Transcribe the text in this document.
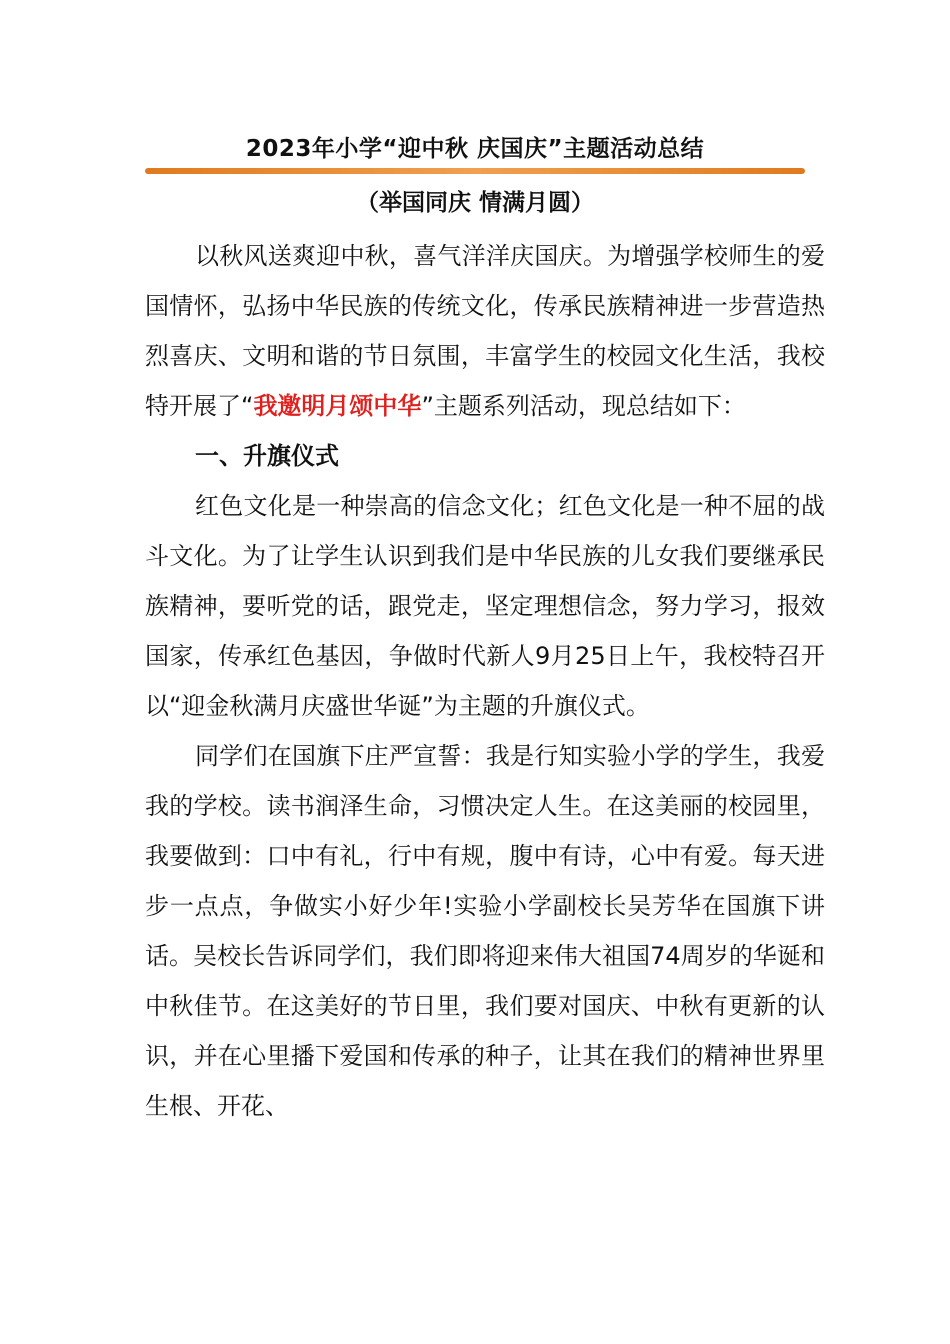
2023年小学“迎中秋 庆国庆”主题活动总结
（举国同庆 情满月圆）

以秋风送爽迎中秋，喜气洋洋庆国庆。为增强学校师生的爱国情怀，弘扬中华民族的传统文化，传承民族精神进一步营造热烈喜庆、文明和谐的节日氛围，丰富学生的校园文化生活，我校特开展了“我邀明月颂中华”主题系列活动，现总结如下：

一、升旗仪式

红色文化是一种崇高的信念文化；红色文化是一种不屈的战斗文化。为了让学生认识到我们是中华民族的儿女我们要继承民族精神，要听党的话，跟党走，坚定理想信念，努力学习，报效国家，传承红色基因，争做时代新人9月25日上午，我校特召开以“迎金秋满月庆盛世华诞”为主题的升旗仪式。

同学们在国旗下庄严宣誓：我是行知实验小学的学生，我爱我的学校。读书润泽生命，习惯决定人生。在这美丽的校园里，我要做到：口中有礼，行中有规，腹中有诗，心中有爱。每天进步一点点，争做实小好少年!实验小学副校长吴芳华在国旗下讲话。吴校长告诉同学们，我们即将迎来伟大祖国74周岁的华诞和中秋佳节。在这美好的节日里，我们要对国庆、中秋有更新的认识，并在心里播下爱国和传承的种子，让其在我们的精神世界里生根、开花、
